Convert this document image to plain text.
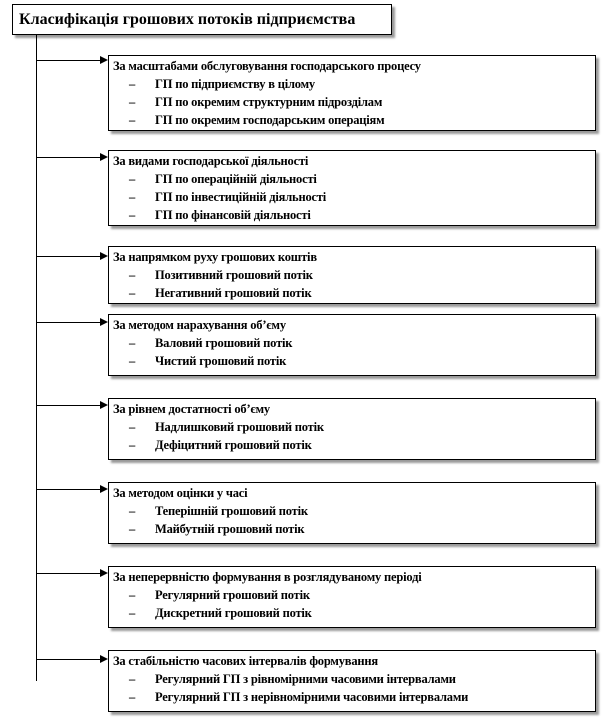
Класифікація грошових потоків підприємства
За масштабами обслуговування господарського процесу
–	ГП по підприємству в цілому
–	ГП по окремим структурним підрозділам
–	ГП по окремим господарським операціям
За видами господарської діяльності
–	ГП по операційній діяльності
–	ГП по інвестиційній діяльності
–	ГП по фінансовій діяльності
За напрямком руху грошових коштів
–	Позитивний грошовий потік
–	Негативний грошовий потік
За методом нарахування об’єму
–	Валовий грошовий потік
–	Чистий грошовий потік
За рівнем достатності об’єму
–	Надлишковий грошовий потік
–	Дефіцитний грошовий потік
За методом оцінки у часі
–	Теперішній грошовий потік
–	Майбутній грошовий потік
За неперервністю формування в розглядуваному періоді
–	Регулярний грошовий потік
–	Дискретний грошовий потік
За стабільністю часових інтервалів формування
–	Регулярний ГП з рівномірними часовими інтервалами
–	Регулярний ГП з нерівномірними часовими інтервалами
